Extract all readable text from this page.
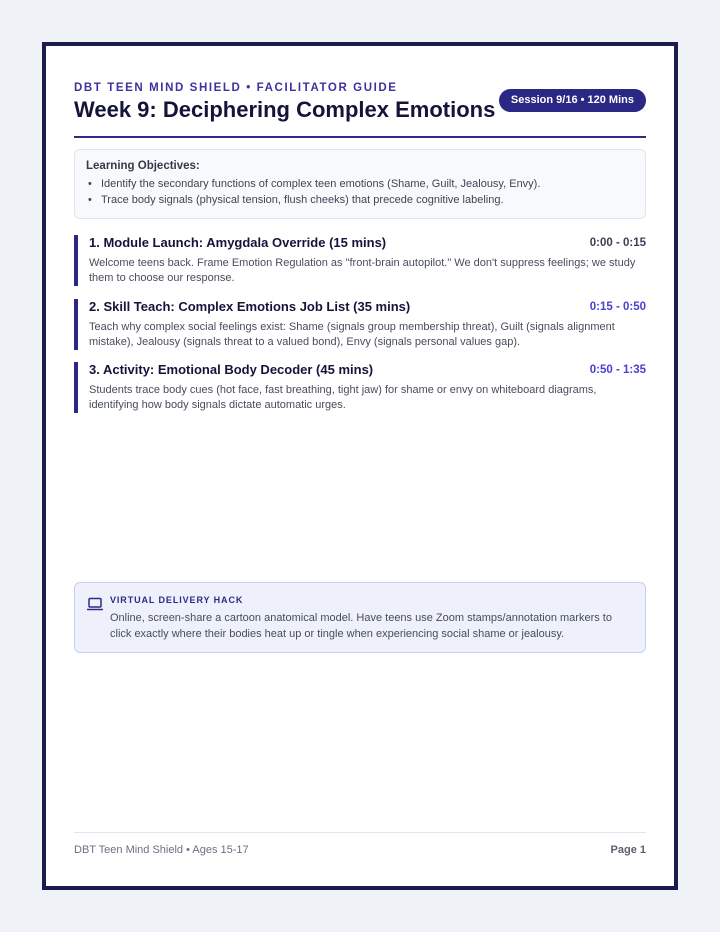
DBT TEEN MIND SHIELD • FACILITATOR GUIDE
Week 9: Deciphering Complex Emotions	Session 9/16 • 120 Mins
Learning Objectives:
• Identify the secondary functions of complex teen emotions (Shame, Guilt, Jealousy, Envy).
• Trace body signals (physical tension, flush cheeks) that precede cognitive labeling.
1. Module Launch: Amygdala Override (15 mins)	0:00 - 0:15
Welcome teens back. Frame Emotion Regulation as "front-brain autopilot." We don't suppress feelings; we study them to choose our response.
2. Skill Teach: Complex Emotions Job List (35 mins)	0:15 - 0:50
Teach why complex social feelings exist: Shame (signals group membership threat), Guilt (signals alignment mistake), Jealousy (signals threat to a valued bond), Envy (signals personal values gap).
3. Activity: Emotional Body Decoder (45 mins)	0:50 - 1:35
Students trace body cues (hot face, fast breathing, tight jaw) for shame or envy on whiteboard diagrams, identifying how body signals dictate automatic urges.
VIRTUAL DELIVERY HACK
Online, screen-share a cartoon anatomical model. Have teens use Zoom stamps/annotation markers to click exactly where their bodies heat up or tingle when experiencing social shame or jealousy.
DBT Teen Mind Shield • Ages 15-17	Page 1
